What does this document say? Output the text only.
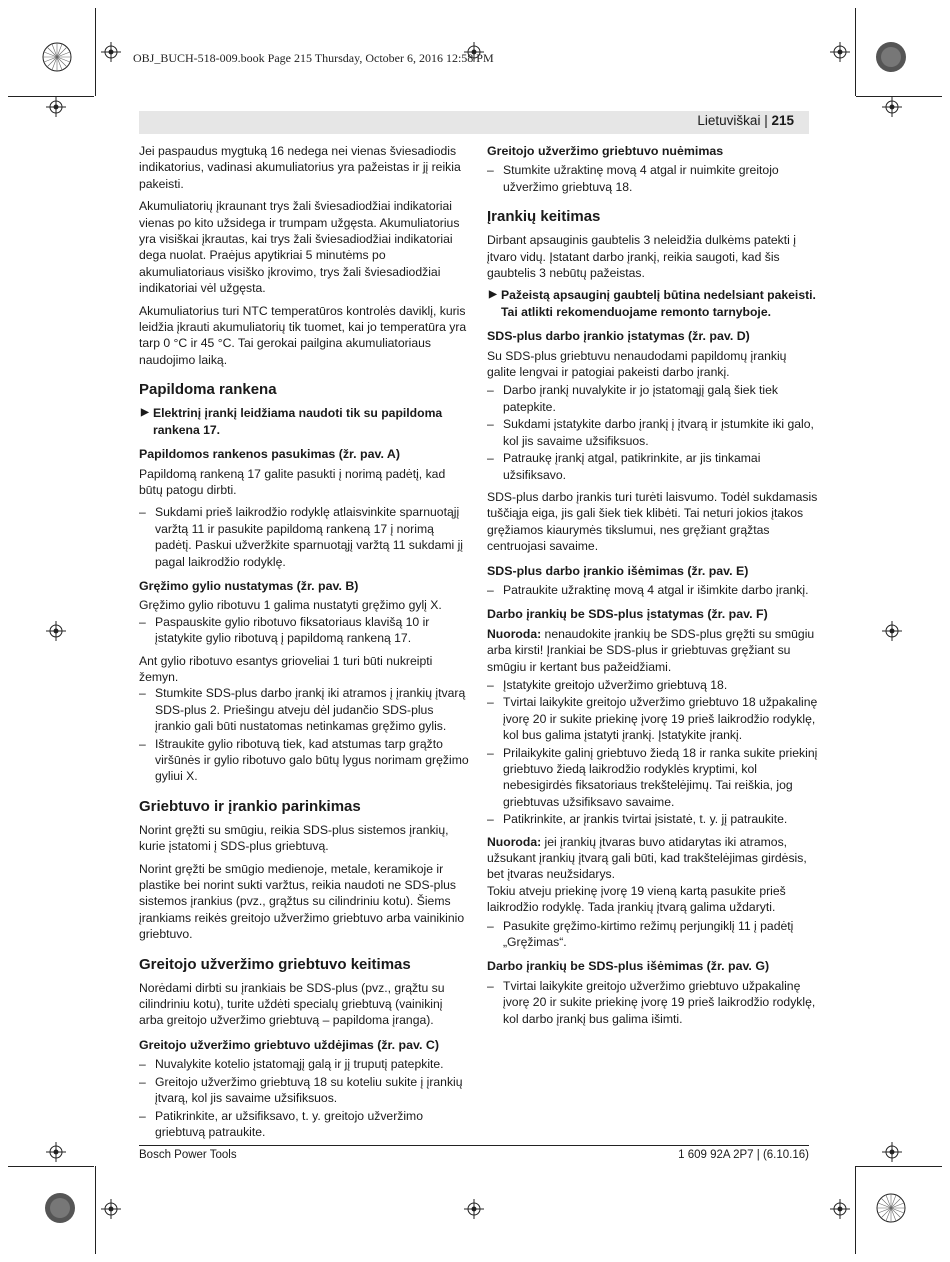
OBJ_BUCH-518-009.book Page 215 Thursday, October 6, 2016 12:58 PM
Lietuviškai | 215

Jei paspaudus mygtuką 16 nedega nei vienas šviesadiodis indikatorius, vadinasi akumuliatorius yra pažeistas ir jį reikia pakeisti.

Akumuliatorių įkraunant trys žali šviesadiodžiai indikatoriai vienas po kito užsidega ir trumpam užgęsta. Akumuliatorius yra visiškai įkrautas, kai trys žali šviesadiodžiai indikatoriai dega nuolat. Praėjus apytikriai 5 minutėms po akumuliatoriaus visiško įkrovimo, trys žali šviesadiodžiai indikatoriai vėl užgęsta.

Akumuliatorius turi NTC temperatūros kontrolės daviklį, kuris leidžia įkrauti akumuliatorių tik tuomet, kai jo temperatūra yra tarp 0 °C ir 45 °C. Tai gerokai pailgina akumuliatoriaus naudojimo laiką.

Papildoma rankena
▶ Elektrinį įrankį leidžiama naudoti tik su papildoma rankena 17.
Papildomos rankenos pasukimas (žr. pav. A)

Papildomą rankeną 17 galite pasukti į norimą padėtį, kad būtų patogu dirbti.

– Sukdami prieš laikrodžio rodyklę atlaisvinkite sparnuotąjį varžtą 11 ir pasukite papildomą rankeną 17 į norimą padėtį. Paskui užveržkite sparnuotąjį varžtą 11 sukdami jį pagal laikrodžio rodyklę.
Gręžimo gylio nustatymas (žr. pav. B)

Gręžimo gylio ribotuvu 1 galima nustatyti gręžimo gylį X.

– Paspauskite gylio ribotuvo fiksatoriaus klavišą 10 ir įstatykite gylio ribotuvą į papildomą rankeną 17.

Ant gylio ribotuvo esantys grioveliai 1 turi būti nukreipti žemyn.

– Stumkite SDS-plus darbo įrankį iki atramos į įrankių įtvarą SDS-plus 2. Priešingu atveju dėl judančio SDS-plus įrankio gali būti nustatomas netinkamas gręžimo gylis.
– Ištraukite gylio ribotuvą tiek, kad atstumas tarp grąžto viršūnės ir gylio ribotuvo galo būtų lygus norimam gręžimo gyliui X.
Griebtuvo ir įrankio parinkimas

Norint gręžti su smūgiu, reikia SDS-plus sistemos įrankių, kurie įstatomi į SDS-plus griebtuvą.

Norint gręžti be smūgio medienoje, metale, keramikoje ir plastike bei norint sukti varžtus, reikia naudoti ne SDS-plus sistemos įrankius (pvz., grąžtus su cilindriniu kotu). Šiems įrankiams reikės greitojo užveržimo griebtuvo arba vainikinio griebtuvo.

Greitojo užveržimo griebtuvo keitimas

Norėdami dirbti su įrankiais be SDS-plus (pvz., grąžtu su cilindriniu kotu), turite uždėti specialų griebtuvą (vainikinį arba greitojo užveržimo griebtuvą – papildoma įranga).

Greitojo užveržimo griebtuvo uždėjimas (žr. pav. C)
– Nuvalykite kotelio įstatomąjį galą ir jį truputį patepkite.
– Greitojo užveržimo griebtuvą 18 su koteliu sukite į įrankių įtvarą, kol jis savaime užsifiksuos.
– Patikrinkite, ar užsifiksavo, t. y. greitojo užveržimo griebtuvą patraukite.
Greitojo užveržimo griebtuvo nuėmimas
– Stumkite užraktinę movą 4 atgal ir nuimkite greitojo užveržimo griebtuvą 18.
Įrankių keitimas

Dirbant apsauginis gaubtelis 3 neleidžia dulkėms patekti į įtvaro vidų. Įstatant darbo įrankį, reikia saugoti, kad šis gaubtelis 3 nebūtų pažeistas.

▶ Pažeistą apsauginį gaubtelį būtina nedelsiant pakeisti. Tai atlikti rekomenduojame remonto tarnyboje.
SDS-plus darbo įrankio įstatymas (žr. pav. D)

Su SDS-plus griebtuvu nenaudodami papildomų įrankių galite lengvai ir patogiai pakeisti darbo įrankį.

– Darbo įrankį nuvalykite ir jo įstatomąjį galą šiek tiek patepkite.
– Sukdami įstatykite darbo įrankį į įtvarą ir įstumkite iki galo, kol jis savaime užsifiksuos.
– Patraukę įrankį atgal, patikrinkite, ar jis tinkamai užsifiksavo.

SDS-plus darbo įrankis turi turėti laisvumo. Todėl sukdamasis tuščiąja eiga, jis gali šiek tiek klibėti. Tai neturi jokios įtakos gręžiamos kiaurymės tikslumui, nes gręžiant grąžtas centruojasi savaime.

SDS-plus darbo įrankio išėmimas (žr. pav. E)
– Patraukite užraktinę movą 4 atgal ir išimkite darbo įrankį.
Darbo įrankių be SDS-plus įstatymas (žr. pav. F)

Nuoroda: nenaudokite įrankių be SDS-plus gręžti su smūgiu arba kirsti! Įrankiai be SDS-plus ir griebtuvas gręžiant su smūgiu ir kertant bus pažeidžiami.

– Įstatykite greitojo užveržimo griebtuvą 18.
– Tvirtai laikykite greitojo užveržimo griebtuvo 18 užpakalinę įvorę 20 ir sukite priekinę įvorę 19 prieš laikrodžio rodyklę, kol bus galima įstatyti įrankį. Įstatykite įrankį.
– Prilaikykite galinį griebtuvo žiedą 18 ir ranka sukite priekinį griebtuvo žiedą laikrodžio rodyklės kryptimi, kol nebesigirdės fiksatoriaus trekštelėjimų. Tai reiškia, jog griebtuvas užsifiksavo savaime.
– Patikrinkite, ar įrankis tvirtai įsistatė, t. y. jį patraukite.

Nuoroda: jei įrankių įtvaras buvo atidarytas iki atramos, užsukant įrankių įtvarą gali būti, kad trakštelėjimas girdėsis, bet įtvaras neužsidarys.

Tokiu atveju priekinę įvorę 19 vieną kartą pasukite prieš laikrodžio rodyklę. Tada įrankių įtvarą galima uždaryti.

– Pasukite gręžimo-kirtimo režimų perjungiklį 11 į padėtį „Gręžimas“.
Darbo įrankių be SDS-plus išėmimas (žr. pav. G)
– Tvirtai laikykite greitojo užveržimo griebtuvo užpakalinę įvorę 20 ir sukite priekinę įvorę 19 prieš laikrodžio rodyklę, kol darbo įrankį bus galima išimti.
Bosch Power Tools	1 609 92A 2P7 | (6.10.16)
